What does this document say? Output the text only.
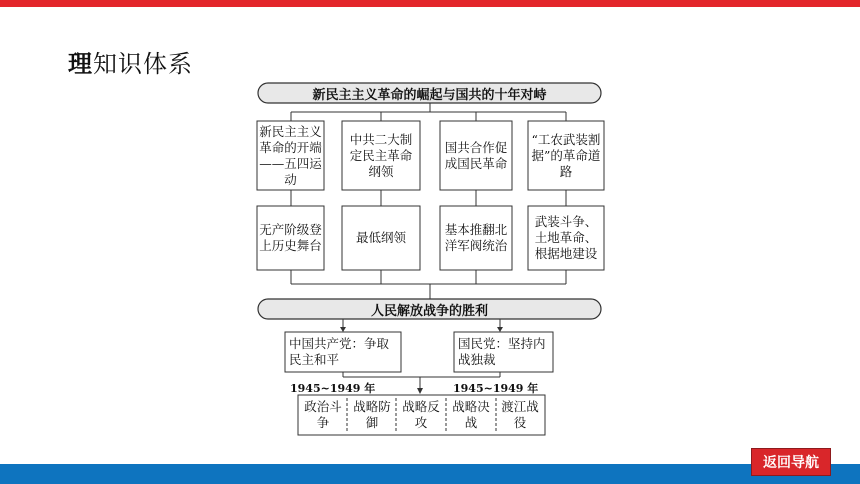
理知识体系
新民主主义革命的崛起与国共的十年对峙
人民解放战争的胜利
新民主主义革命的开端——五四运动
中共二大制定民主革命纲领
国共合作促成国民革命
“工农武装割据”的革命道路
无产阶级登上历史舞台
最低纲领
基本推翻北洋军阀统治
武装斗争、土地革命、根据地建设
中国共产党：争取民主和平
国民党：坚持内战独裁
1945~1949 年	1945~1949 年
政治斗争
战略防御
战略反攻
战略决战
渡江战役
返回导航
